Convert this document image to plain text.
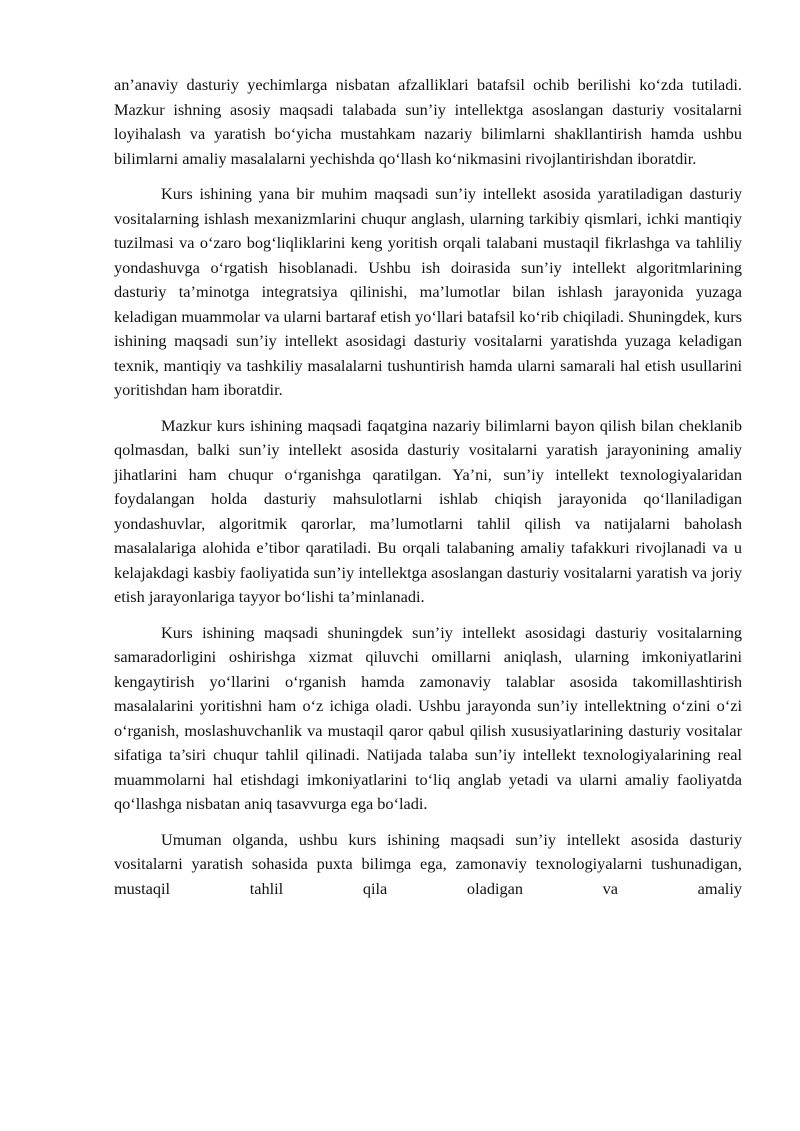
an’anaviy dasturiy yechimlarga nisbatan afzalliklari batafsil ochib berilishi ko‘zda tutiladi. Mazkur ishning asosiy maqsadi talabada sun’iy intellektga asoslangan dasturiy vositalarni loyihalash va yaratish bo‘yicha mustahkam nazariy bilimlarni shakllantirish hamda ushbu bilimlarni amaliy masalalarni yechishda qo‘llash ko‘nikmasini rivojlantirishdan iboratdir.

Kurs ishining yana bir muhim maqsadi sun’iy intellekt asosida yaratiladigan dasturiy vositalarning ishlash mexanizmlarini chuqur anglash, ularning tarkibiy qismlari, ichki mantiqiy tuzilmasi va o‘zaro bog‘liqliklarini keng yoritish orqali talabani mustaqil fikrlashga va tahliliy yondashuvga o‘rgatish hisoblanadi. Ushbu ish doirasida sun’iy intellekt algoritmlarining dasturiy ta’minotga integratsiya qilinishi, ma’lumotlar bilan ishlash jarayonida yuzaga keladigan muammolar va ularni bartaraf etish yo‘llari batafsil ko‘rib chiqiladi. Shuningdek, kurs ishining maqsadi sun’iy intellekt asosidagi dasturiy vositalarni yaratishda yuzaga keladigan texnik, mantiqiy va tashkiliy masalalarni tushuntirish hamda ularni samarali hal etish usullarini yoritishdan ham iboratdir.

Mazkur kurs ishining maqsadi faqatgina nazariy bilimlarni bayon qilish bilan cheklanib qolmasdan, balki sun’iy intellekt asosida dasturiy vositalarni yaratish jarayonining amaliy jihatlarini ham chuqur o‘rganishga qaratilgan. Ya’ni, sun’iy intellekt texnologiyalaridan foydalangan holda dasturiy mahsulotlarni ishlab chiqish jarayonida qo‘llaniladigan yondashuvlar, algoritmik qarorlar, ma’lumotlarni tahlil qilish va natijalarni baholash masalalariga alohida e’tibor qaratiladi. Bu orqali talabaning amaliy tafakkuri rivojlanadi va u kelajakdagi kasbiy faoliyatida sun’iy intellektga asoslangan dasturiy vositalarni yaratish va joriy etish jarayonlariga tayyor bo‘lishi ta’minlanadi.

Kurs ishining maqsadi shuningdek sun’iy intellekt asosidagi dasturiy vositalarning samaradorligini oshirishga xizmat qiluvchi omillarni aniqlash, ularning imkoniyatlarini kengaytirish yo‘llarini o‘rganish hamda zamonaviy talablar asosida takomillashtirish masalalarini yoritishni ham o‘z ichiga oladi. Ushbu jarayonda sun’iy intellektning o‘zini o‘zi o‘rganish, moslashuvchanlik va mustaqil qaror qabul qilish xususiyatlarining dasturiy vositalar sifatiga ta’siri chuqur tahlil qilinadi. Natijada talaba sun’iy intellekt texnologiyalarining real muammolarni hal etishdagi imkoniyatlarini to‘liq anglab yetadi va ularni amaliy faoliyatda qo‘llashga nisbatan aniq tasavvurga ega bo‘ladi.

Umuman olganda, ushbu kurs ishining maqsadi sun’iy intellekt asosida dasturiy vositalarni yaratish sohasida puxta bilimga ega, zamonaviy texnologiyalarni tushunadigan, mustaqil tahlil qila oladigan va amaliy
